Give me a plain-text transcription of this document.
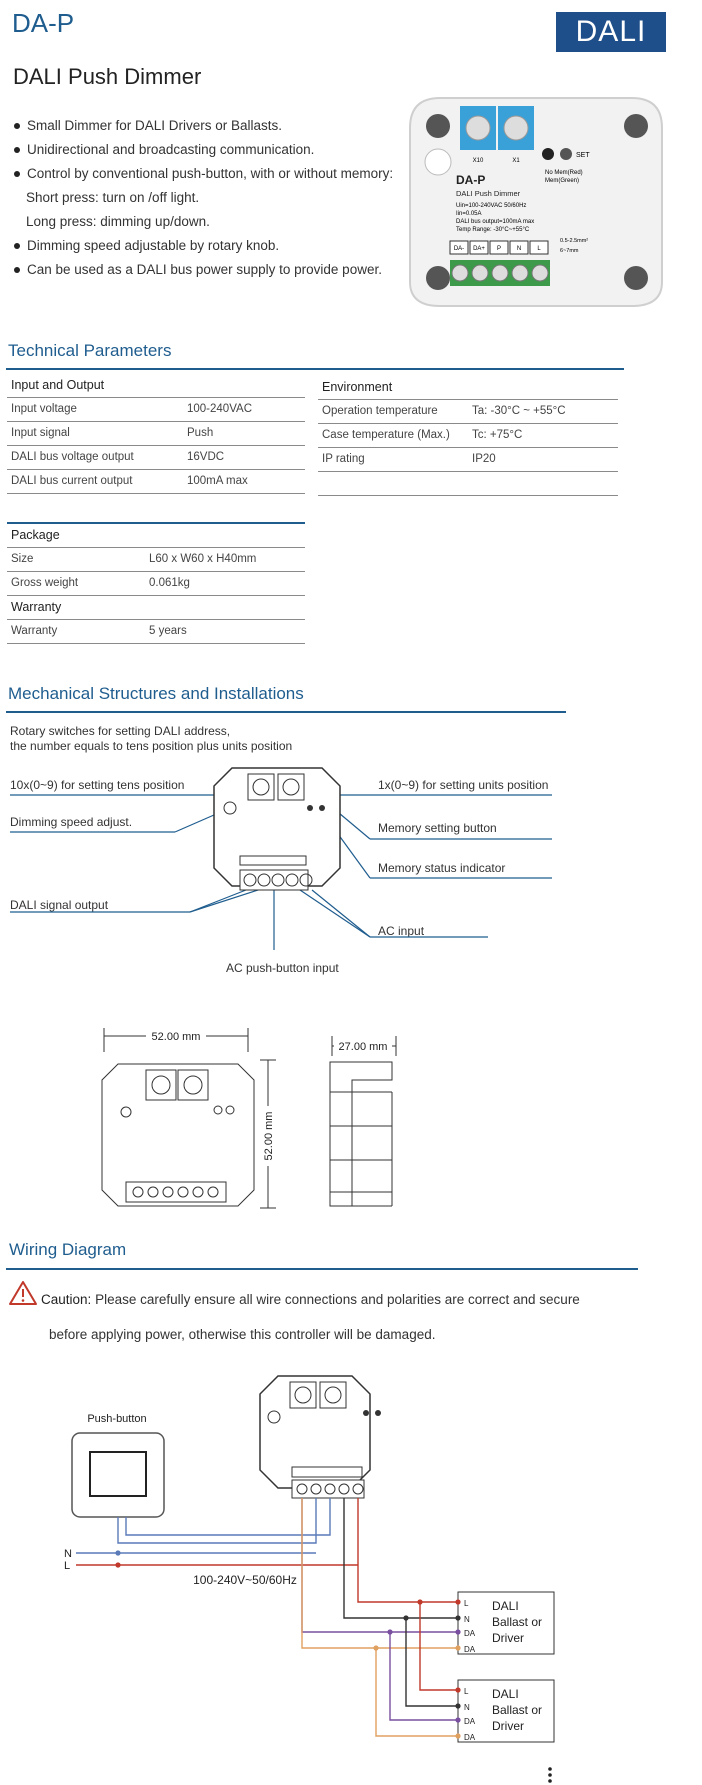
DA-P	DALI
DALI Push Dimmer
Small Dimmer for DALI Drivers or Ballasts.
Unidirectional and broadcasting communication.
Control by conventional push-button, with or without memory:
Short press: turn on /off light.
Long press: dimming up/down.
Dimming speed adjustable by rotary knob.
Can be used as a DALI bus power supply to provide power.
X10	X1
SET
No Mem(Red)
Mem(Green)
DA-P
DALI Push Dimmer
Uin=100-240VAC 50/60Hz
Iin=0.05A
DALI bus output=100mA max
Temp Range: -30°C~+55°C
DA- DA+ P	N	L
0.5-2.5mm²
6~7mm
Technical Parameters
Input and Output	
Input voltage	100-240VAC
Input signal	Push
DALI bus voltage output	16VDC
DALI bus current output	100mA max
Environment	
Operation temperature	Ta: -30°C ~ +55°C
Case temperature (Max.)	Tc: +75°C
IP rating	IP20

Package	
Size	L60 x W60 x H40mm
Gross weight	0.061kg
Warranty	
Warranty	5 years
Mechanical Structures and Installations
Rotary switches for setting DALI address,
the number equals to tens position plus units position
10x(0~9) for setting tens position	1x(0~9) for setting units position
Dimming speed adjust.	Memory setting button
Memory status indicator
DALI signal output
AC input
AC push-button input
52.00 mm
27.00 mm
52.00 mm
Wiring Diagram
Caution: Please carefully ensure all wire connections and polarities are correct and secure
before applying power, otherwise this controller will be damaged.
Push-button
N
L
100-240V~50/60Hz
DALI
Ballast or
Driver
L
N
DA
DA
DALI
Ballast or
Driver
L
N
DA
DA
